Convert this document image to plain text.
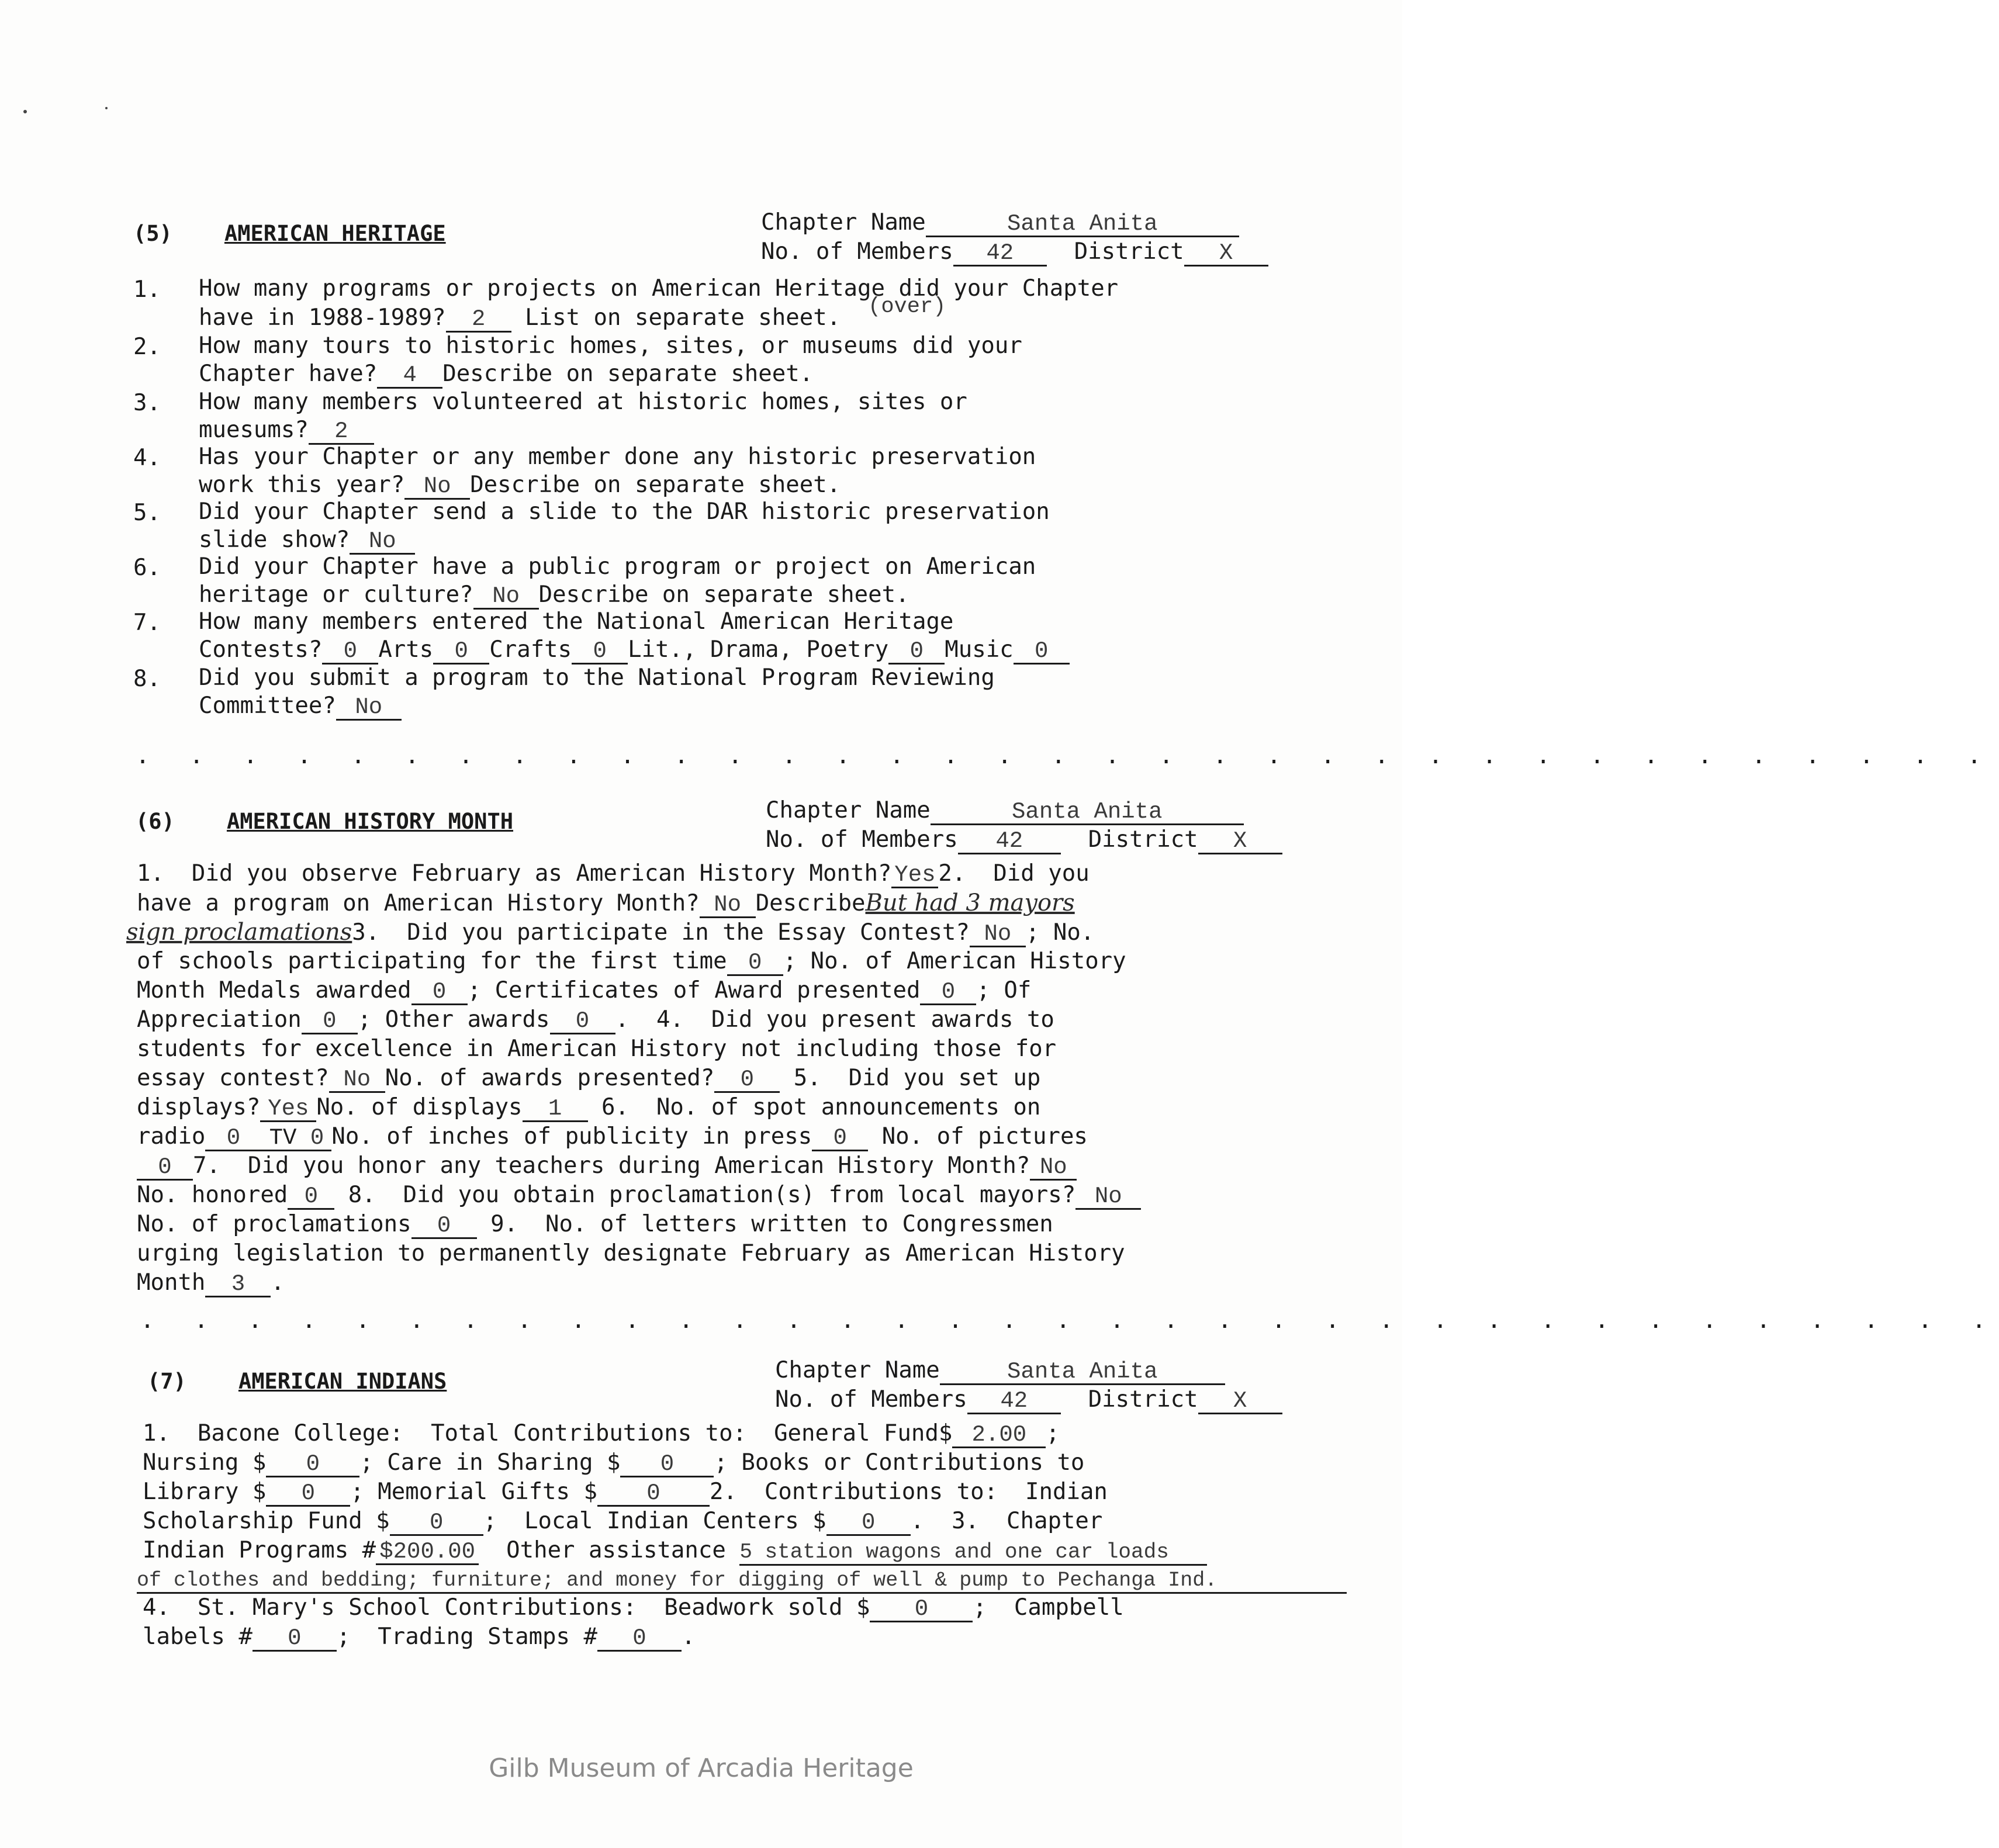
(5) AMERICAN HERITAGE	Chapter Name	Santa Anita
No. of Members 42	District X

1.

How many programs or projects on American Heritage did your Chapter

have in 1988-1989? 2 List on separate sheet. (over)

2.

How many tours to historic homes, sites, or museums did your

Chapter have? 4 Describe on separate sheet.

3.

How many members volunteered at historic homes, sites or

muesums? 2

4.

Has your Chapter or any member done any historic preservation

work this year? No Describe on separate sheet.

5.

Did your Chapter send a slide to the DAR historic preservation

slide show? No

6.

Did your Chapter have a public program or project on American

heritage or culture? No Describe on separate sheet.

7.

How many members entered the National American Heritage

Contests? 0 Arts 0 Crafts 0 Lit., Drama, Poetry 0 Music 0

8.

Did you submit a program to the National Program Reviewing

Committee? No

. . . . . . . . . . . . . . . . . . . . . . . . . . . . . . . . . . .
(6) AMERICAN HISTORY MONTH	Chapter Name	Santa Anita
No. of Members 42	District X
1.  Did you observe February as American History Month? Yes 2.  Did you
have a program on American History Month? No DescribeBut had 3 mayors
sign proclamations3.  Did you participate in the Essay Contest? No ; No.
of schools participating for the first time 0 ; No. of American History
Month Medals awarded 0 ; Certificates of Award presented 0 ; Of
Appreciation 0 ; Other awards 0 .  4.  Did you present awards to
students for excellence in American History not including those for
essay contest? No No. of awards presented? 0 5.  Did you set up
displays? Yes No. of displays 1 6.  No. of spot announcements on
radio 0 TV 0 No. of inches of publicity in press 0 No. of pictures
0 7.  Did you honor any teachers during American History Month? No
No. honored 0 8.  Did you obtain proclamation(s) from local mayors? No
No. of proclamations 0 9.  No. of letters written to Congressmen
urging legislation to permanently designate February as American History
Month 3 .
. . . . . . . . . . . . . . . . . . . . . . . . . . . . . . . . . . .
(7) AMERICAN INDIANS	Chapter Name	Santa Anita
No. of Members 42	District X
1.  Bacone College:  Total Contributions to:  General Fund$ 2.00 ;
Nursing $ 0 ; Care in Sharing $ 0 ; Books or Contributions to
Library $ 0 ; Memorial Gifts $ 0 2.  Contributions to:  Indian
Scholarship Fund $ 0 ;  Local Indian Centers $ 0 .  3.  Chapter
Indian Programs # $200.00 Other assistance 5 station wagons and one car loads
of clothes and bedding; furniture; and money for digging of well & pump to Pechanga Ind.
4.  St. Mary's School Contributions:  Beadwork sold $ 0 ;  Campbell
labels # 0 ;  Trading Stamps # 0 .
Gilb Museum of Arcadia Heritage
